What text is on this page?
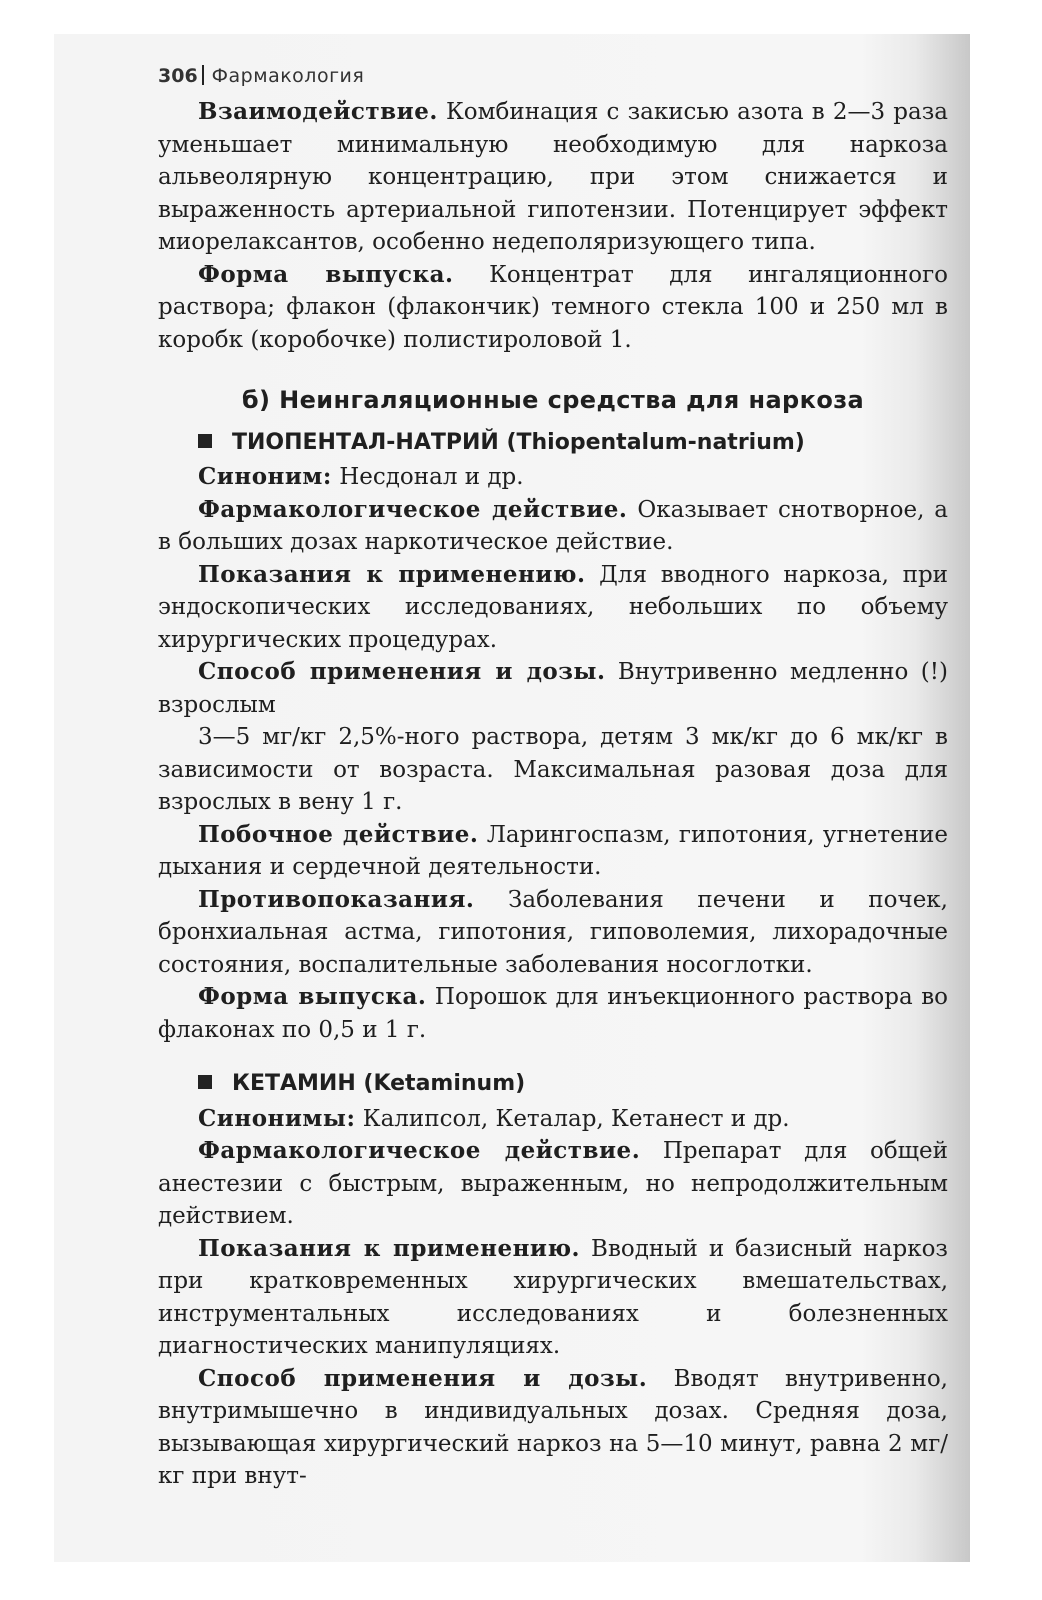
306 Фармакология

Взаимодействие. Комбинация с закисью азота в 2—3 раза уменьшает минимальную необходимую для наркоза альвеолярную концентрацию, при этом снижается и выраженность артериальной гипотензии. Потенцирует эффект миорелаксантов, особенно недеполяризующего типа.

Форма выпуска. Концентрат для ингаляционного раствора; флакон (флакончик) темного стекла 100 и 250 мл в коробк (коробочке) полистироловой 1.

б) Неингаляционные средства для наркоза
ТИОПЕНТАЛ-НАТРИЙ (Thiopentalum-natrium)

Синоним: Несдонал и др.

Фармакологическое действие. Оказывает снотворное, а в больших дозах наркотическое действие.

Показания к применению. Для вводного наркоза, при эндоскопических исследованиях, небольших по объему хирургических процедурах.

Способ применения и дозы. Внутривенно медленно (!) взрослым

3—5 мг/кг 2,5%-ного раствора, детям 3 мк/кг до 6 мк/кг в зависимости от возраста. Максимальная разовая доза для взрослых в вену 1 г.

Побочное действие. Ларингоспазм, гипотония, угнетение дыхания и сердечной деятельности.

Противопоказания. Заболевания печени и почек, бронхиальная астма, гипотония, гиповолемия, лихорадочные состояния, воспалительные заболевания носоглотки.

Форма выпуска. Порошок для инъекционного раствора во флаконах по 0,5 и 1 г.

КЕТАМИН (Ketaminum)

Синонимы: Калипсол, Кеталар, Кетанест и др.

Фармакологическое действие. Препарат для общей анестезии с быстрым, выраженным, но непродолжительным действием.

Показания к применению. Вводный и базисный наркоз при кратковременных хирургических вмешательствах, инструментальных исследованиях и болезненных диагностических манипуляциях.

Способ применения и дозы. Вводят внутривенно, внутримышечно в индивидуальных дозах. Средняя доза, вызывающая хирургический наркоз на 5—10 минут, равна 2 мг/кг при внут-
